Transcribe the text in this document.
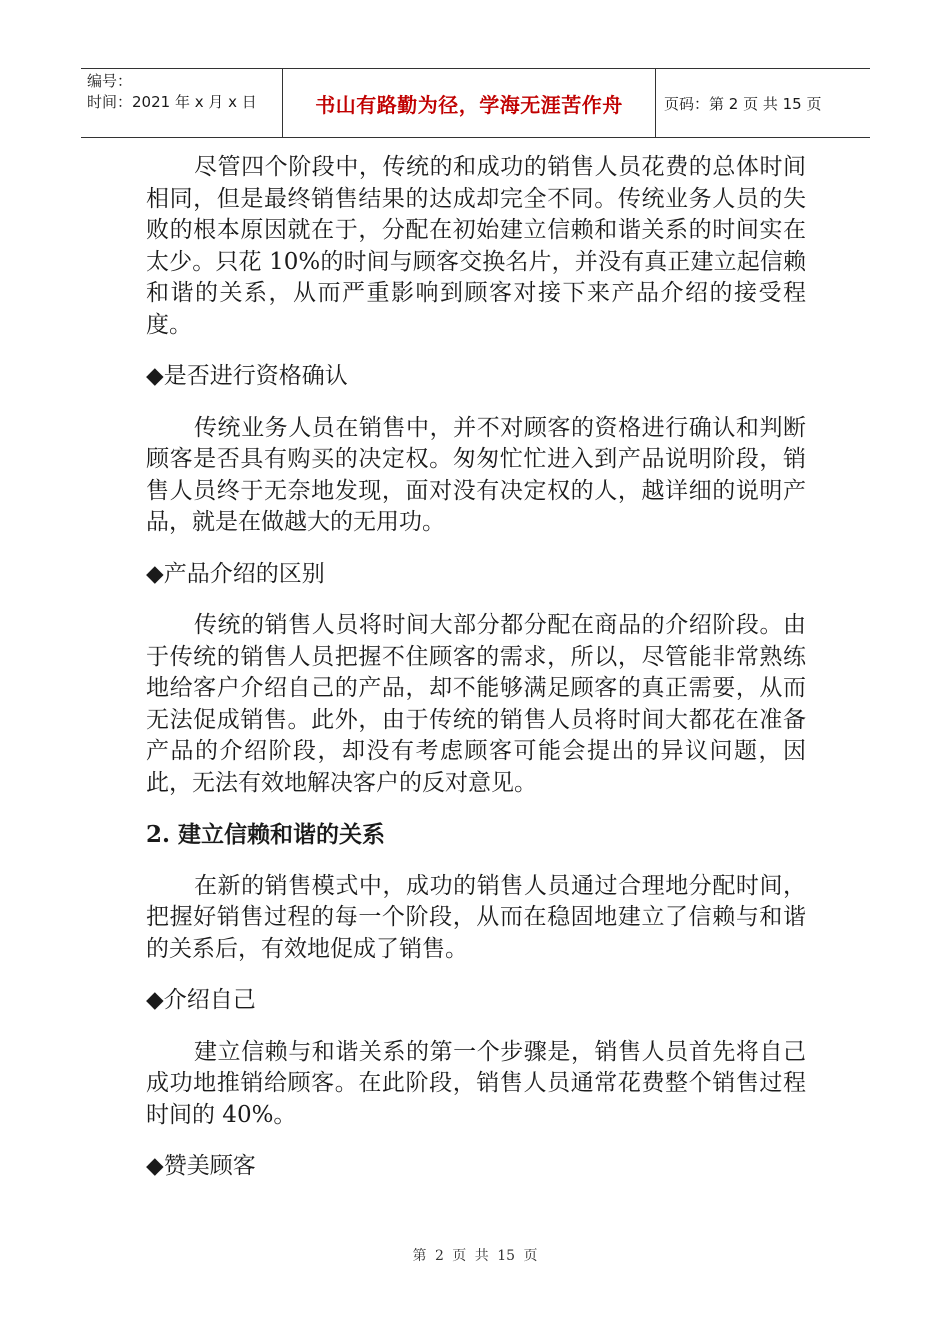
编号：
时间：2021 年 x 月 x 日	书山有路勤为径，学海无涯苦作舟	页码：第 2 页 共 15 页

尽管四个阶段中，传统的和成功的销售人员花费的总体时间相同，但是最终销售结果的达成却完全不同。传统业务人员的失败的根本原因就在于，分配在初始建立信赖和谐关系的时间实在太少。只花 10%的时间与顾客交换名片，并没有真正建立起信赖和谐的关系，从而严重影响到顾客对接下来产品介绍的接受程度。

◆是否进行资格确认

传统业务人员在销售中，并不对顾客的资格进行确认和判断顾客是否具有购买的决定权。匆匆忙忙进入到产品说明阶段，销售人员终于无奈地发现，面对没有决定权的人，越详细的说明产品，就是在做越大的无用功。

◆产品介绍的区别

传统的销售人员将时间大部分都分配在商品的介绍阶段。由于传统的销售人员把握不住顾客的需求，所以，尽管能非常熟练地给客户介绍自己的产品，却不能够满足顾客的真正需要，从而无法促成销售。此外，由于传统的销售人员将时间大都花在准备产品的介绍阶段，却没有考虑顾客可能会提出的异议问题，因此，无法有效地解决客户的反对意见。

2. 建立信赖和谐的关系

在新的销售模式中，成功的销售人员通过合理地分配时间，把握好销售过程的每一个阶段，从而在稳固地建立了信赖与和谐的关系后，有效地促成了销售。

◆介绍自己

建立信赖与和谐关系的第一个步骤是，销售人员首先将自己成功地推销给顾客。在此阶段，销售人员通常花费整个销售过程时间的 40%。

◆赞美顾客

第 2 页 共 15 页
